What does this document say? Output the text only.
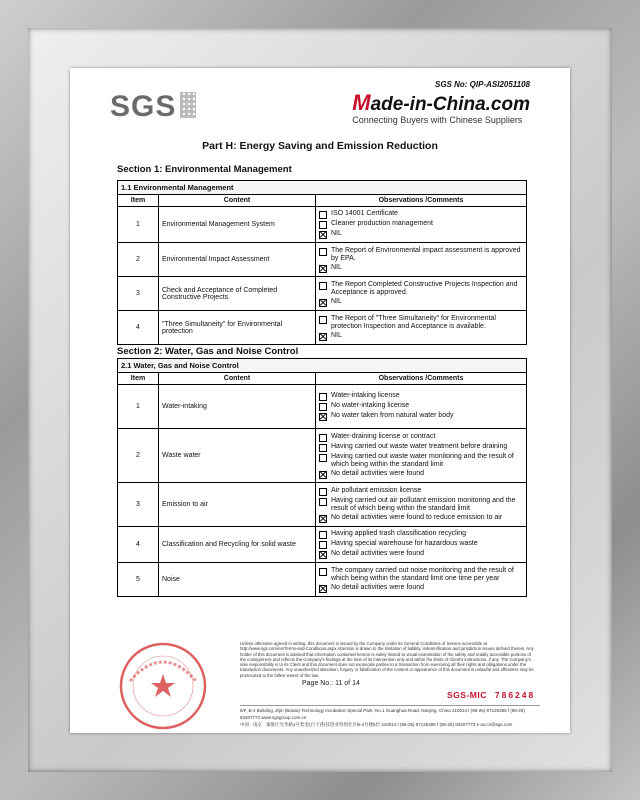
SGS No: QIP-ASI2051108
SGS	Made-in-China.com
Connecting Buyers with Chinese Suppliers
Part H: Energy Saving and Emission Reduction
Section 1: Environmental Management
1.1 Environmental Management		
Item	Content	Observations /Comments
1	Environmental Management System	ISO 14001 Certificate
Cleaner production management
NIL

2	Environmental Impact Assessment	The Report of Environmental impact assessment is approved by EPA.
NIL

3	Check and Acceptance of Completed Constructive Projects	The Report Completed Constructive Projects Inspection and Acceptance is approved.
NIL

4	"Three Simultaneity" for Environmental protection	The Report of "Three Simultaneity" for Environmental protection Inspection and Acceptance is available.
NIL
Section 2: Water, Gas and Noise Control
2.1 Water, Gas and Noise Control		
Item	Content	Observations /Comments
1	Water-intaking	Water-intaking license
No water-intaking license
No water taken from natural water body

2	Waste water	Water-draining license or contract
Having carried out waste water treatment before draining
Having carried out waste water monitoring and the result of which being within the standard limit
No detail activities were found

3	Emission to air	Air pollutant emission license
Having carried out air pollutant emission monitoring and the result of which being within the standard limit
No detail activities were found to reduce emission to air

4	Classification and Recycling for solid waste	Having applied trash classification recycling
Having special warehouse for hazardous waste
No detail activities were found

5	Noise	The company carried out noise monitoring and the result of which being within the standard limit one time per year
No detail activities were found
Unless otherwise agreed in writing, this document is issued by the Company under its General Conditions of Service accessible at http://www.sgs.com/en/Terms-and-Conditions.aspx Attention is drawn to the limitation of liability, indemnification and jurisdiction issues defined therein. Any holder of this document is advised that information contained hereon is solely limited to visual examination of the safety and readily accessible portions of the consignment and reflects the Company's findings at the time of its intervention only and within the limits of Client's instructions, if any. The Company's sole responsibility is to its Client and this document does not exonerate parties to a transaction from exercising all their rights and obligations under the transaction documents. Any unauthorized alteration, forgery or falsification of the content or appearance of this document is unlawful and offenders may be prosecuted to the fullest extent of the law.
Page No.: 11 of 14
SGS-MIC 786248
5/F, B-4 Building, Zijin (Baixia) Technology Incubation Special Park, No.1 Guanghua Road, Nanjing, China 210014 t (86-25) 87125395 f (86-25) 83407773 www.sgsgroup.com.cn
中国 · 南京 · 秦淮区光华路1号紫金(白下)科技创业特别社区B-4号楼5层 210014 t (86-25) 87125395 f (86-25) 83407773 e as.cn@sgs.com
